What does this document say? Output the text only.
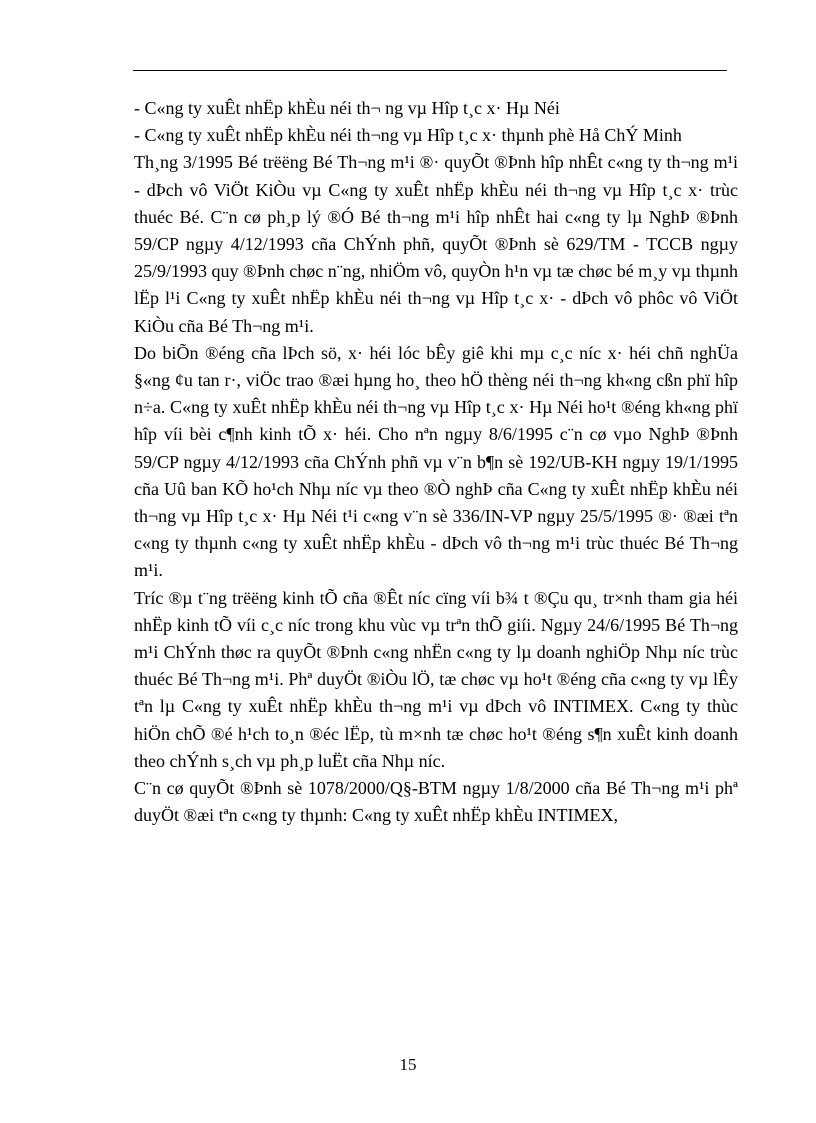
- C«ng ty xuÊt nhËp khÈu néi th¬ ng vµ Hîp t¸c x· Hµ Néi

- C«ng ty xuÊt nhËp khÈu néi th¬ng vµ Hîp t¸c x· thµnh phè Hå ChÝ Minh

Th¸ng 3/1995 Bé trëëng Bé Th¬ng m¹i ®· quyÕt ®Þnh hîp nhÊt c«ng ty th¬ng m¹i - dÞch vô ViÖt KiÒu vµ C«ng ty xuÊt nhËp khÈu néi th¬ng vµ Hîp t¸c x· trùc thuéc Bé. C¨n cø ph¸p lý ®Ó Bé th¬ng m¹i hîp nhÊt hai c«ng ty lµ NghÞ ®Þnh 59/CP ngµy 4/12/1993 cña ChÝnh phñ, quyÕt ®Þnh sè 629/TM - TCCB ngµy 25/9/1993 quy ®Þnh chøc n¨ng, nhiÖm vô, quyÒn h¹n vµ tæ chøc bé m¸y vµ thµnh lËp l¹i C«ng ty xuÊt nhËp khÈu néi th¬ng vµ Hîp t¸c x· - dÞch vô phôc vô ViÖt KiÒu cña Bé Th¬ng m¹i.

Do biÕn ®éng cña lÞch sö, x· héi lóc bÊy giê khi mµ c¸c níc x· héi chñ nghÜa §«ng ¢u tan r·, viÖc trao ®æi hµng ho¸ theo hÖ thèng néi th¬ng kh«ng cßn phï hîp n÷a. C«ng ty xuÊt nhËp khÈu néi th¬ng vµ Hîp t¸c x· Hµ Néi ho¹t ®éng kh«ng phï hîp víi bèi c¶nh kinh tÕ x· héi. Cho nªn ngµy 8/6/1995 c¨n cø vµo NghÞ ®Þnh 59/CP ngµy 4/12/1993 cña ChÝnh phñ vµ v¨n b¶n sè 192/UB-KH ngµy 19/1/1995 cña Uû ban KÕ ho¹ch Nhµ níc vµ theo ®Ò nghÞ cña C«ng ty xuÊt nhËp khÈu néi th¬ng vµ Hîp t¸c x· Hµ Néi t¹i c«ng v¨n sè 336/IN-VP ngµy 25/5/1995 ®· ®æi tªn c«ng ty thµnh c«ng ty xuÊt nhËp khÈu - dÞch vô th¬ng m¹i trùc thuéc Bé Th¬ng m¹i.

Tríc ®µ t¨ng trëëng kinh tÕ cña ®Êt níc cïng víi b¾ t ®Çu qu¸ tr×nh tham gia héi nhËp kinh tÕ víi c¸c níc trong khu vùc vµ trªn thÕ giíi. Ngµy 24/6/1995 Bé Th¬ng m¹i ChÝnh thøc ra quyÕt ®Þnh c«ng nhËn c«ng ty lµ doanh nghiÖp Nhµ níc trùc thuéc Bé Th¬ng m¹i. Phª duyÖt ®iÒu lÖ, tæ chøc vµ ho¹t ®éng cña c«ng ty vµ lÊy tªn lµ C«ng ty xuÊt nhËp khÈu th¬ng m¹i vµ dÞch vô INTIMEX. C«ng ty thùc hiÖn chÕ ®é h¹ch to¸n ®éc lËp, tù m×nh tæ chøc ho¹t ®éng s¶n xuÊt kinh doanh theo chÝnh s¸ch vµ ph¸p luËt cña Nhµ níc.

C¨n cø quyÕt ®Þnh sè 1078/2000/Q§-BTM ngµy 1/8/2000 cña Bé Th¬ng m¹i phª duyÖt ®æi tªn c«ng ty thµnh: C«ng ty xuÊt nhËp khÈu INTIMEX,

15
